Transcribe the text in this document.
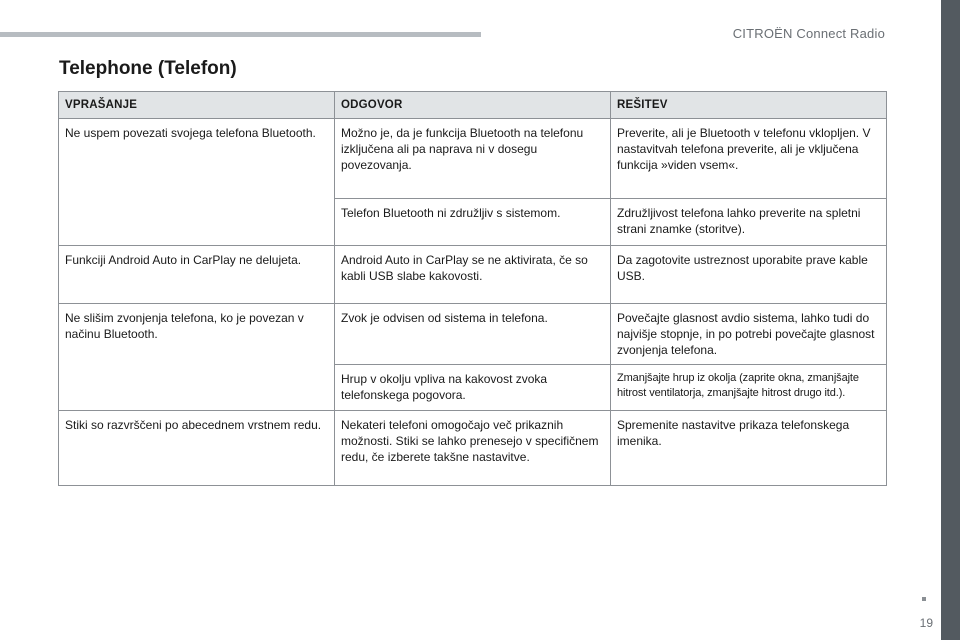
CITROËN Connect Radio
Telephone (Telefon)
VPRAŠANJE	ODGOVOR	REŠITEV
Ne uspem povezati svojega telefona Bluetooth.	Možno je, da je funkcija Bluetooth na telefonu izključena ali pa naprava ni v dosegu povezovanja.	Preverite, ali je Bluetooth v telefonu vklopljen. V nastavitvah telefona preverite, ali je vključena funkcija »viden vsem«.
	Telefon Bluetooth ni združljiv s sistemom.	Združljivost telefona lahko preverite na spletni strani znamke (storitve).
Funkciji Android Auto in CarPlay ne delujeta.	Android Auto in CarPlay se ne aktivirata, če so kabli USB slabe kakovosti.	Da zagotovite ustreznost uporabite prave kable USB.
Ne slišim zvonjenja telefona, ko je povezan v načinu Bluetooth.	Zvok je odvisen od sistema in telefona.	Povečajte glasnost avdio sistema, lahko tudi do najvišje stopnje, in po potrebi povečajte glasnost zvonjenja telefona.
	Hrup v okolju vpliva na kakovost zvoka telefonskega pogovora.	Zmanjšajte hrup iz okolja (zaprite okna, zmanjšajte hitrost ventilatorja, zmanjšajte hitrost drugo itd.).
Stiki so razvrščeni po abecednem vrstnem redu.	Nekateri telefoni omogočajo več prikaznih možnosti. Stiki se lahko prenesejo v specifičnem redu, če izberete takšne nastavitve.	Spremenite nastavitve prikaza telefonskega imenika.
19
